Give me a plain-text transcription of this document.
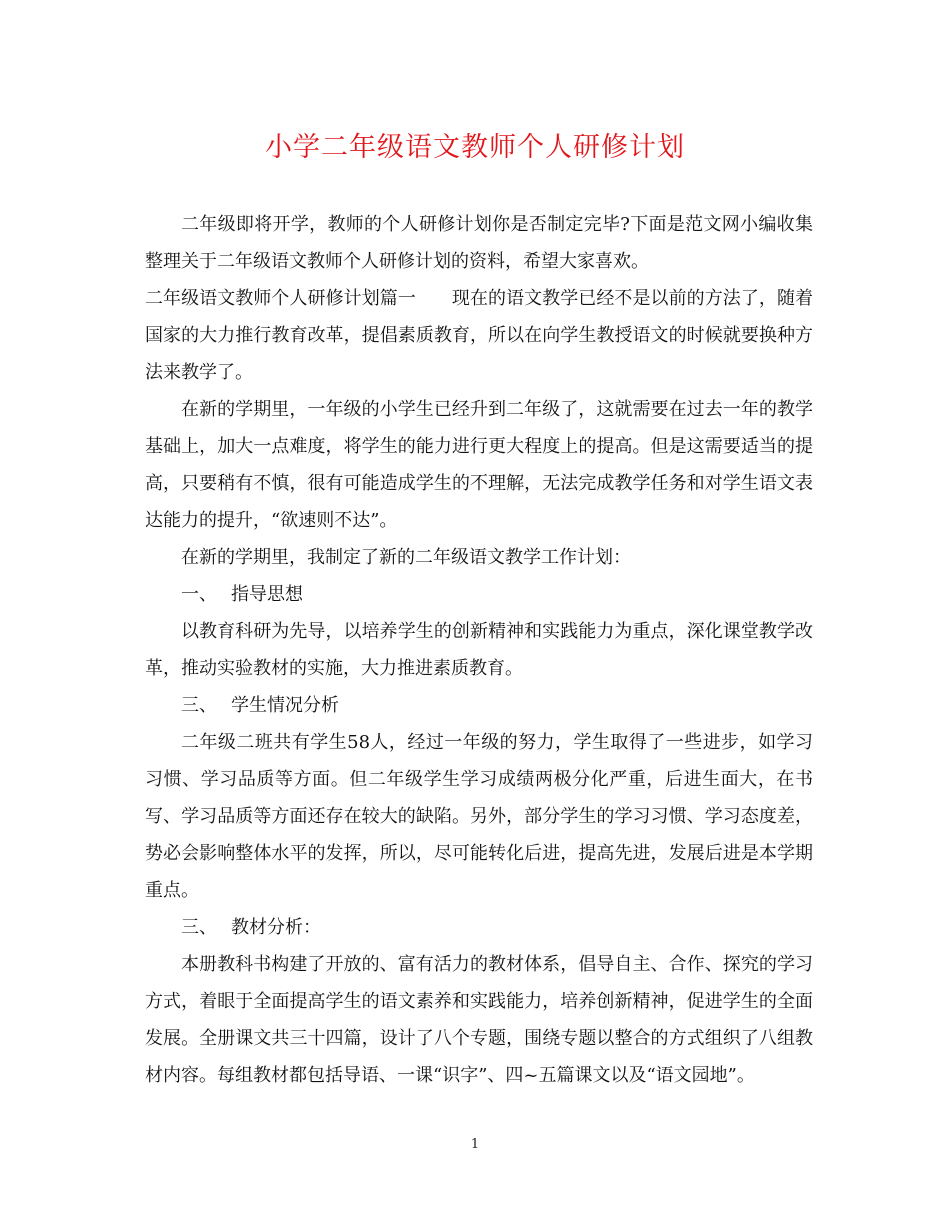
小学二年级语文教师个人研修计划

二年级即将开学，教师的个人研修计划你是否制定完毕?下面是范文网小编收集整理关于二年级语文教师个人研修计划的资料，希望大家喜欢。

二年级语文教师个人研修计划篇一 现在的语文教学已经不是以前的方法了，随着国家的大力推行教育改革，提倡素质教育，所以在向学生教授语文的时候就要换种方法来教学了。

在新的学期里，一年级的小学生已经升到二年级了，这就需要在过去一年的教学基础上，加大一点难度，将学生的能力进行更大程度上的提高。但是这需要适当的提高，只要稍有不慎，很有可能造成学生的不理解，无法完成教学任务和对学生语文表达能力的提升，“欲速则不达”。

在新的学期里，我制定了新的二年级语文教学工作计划：

一、 指导思想

以教育科研为先导，以培养学生的创新精神和实践能力为重点，深化课堂教学改革，推动实验教材的实施，大力推进素质教育。

三、 学生情况分析

二年级二班共有学生58人，经过一年级的努力，学生取得了一些进步，如学习习惯、学习品质等方面。但二年级学生学习成绩两极分化严重，后进生面大，在书写、学习品质等方面还存在较大的缺陷。另外，部分学生的学习习惯、学习态度差，势必会影响整体水平的发挥，所以，尽可能转化后进，提高先进，发展后进是本学期重点。

三、 教材分析：

本册教科书构建了开放的、富有活力的教材体系，倡导自主、合作、探究的学习方式，着眼于全面提高学生的语文素养和实践能力，培养创新精神，促进学生的全面发展。全册课文共三十四篇，设计了八个专题，围绕专题以整合的方式组织了八组教材内容。每组教材都包括导语、一课“识字”、四~五篇课文以及“语文园地”。

1
